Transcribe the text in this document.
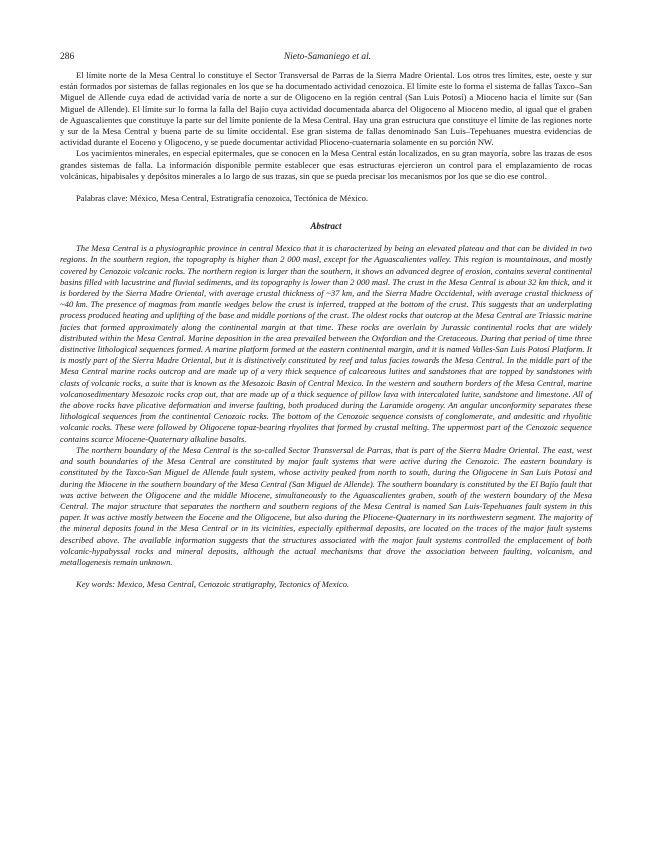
286	Nieto-Samaniego et al.

El límite norte de la Mesa Central lo constituye el Sector Transversal de Parras de la Sierra Madre Oriental. Los otros tres límites, este, oeste y sur están formados por sistemas de fallas regionales en los que se ha documentado actividad cenozoica. El límite este lo forma el sistema de fallas Taxco–San Miguel de Allende cuya edad de actividad varía de norte a sur de Oligoceno en la región central (San Luis Potosí) a Mioceno hacia el límite sur (San Miguel de Allende). El límite sur lo forma la falla del Bajío cuya actividad documentada abarca del Oligoceno al Mioceno medio, al igual que el graben de Aguascalientes que constituye la parte sur del límite poniente de la Mesa Central. Hay una gran estructura que constituye el límite de las regiones norte y sur de la Mesa Central y buena parte de su límite occidental. Ese gran sistema de fallas denominado San Luis–Tepehuanes muestra evidencias de actividad durante el Eoceno y Oligoceno, y se puede documentar actividad Plioceno-cuaternaria solamente en su porción NW.

Los yacimientos minerales, en especial epitermales, que se conocen en la Mesa Central están localizados, en su gran mayoría, sobre las trazas de esos grandes sistemas de falla. La información disponible permite establecer que esas estructuras ejercieron un control para el emplazamiento de rocas volcánicas, hipabisales y depósitos minerales a lo largo de sus trazas, sin que se pueda precisar los mecanismos por los que se dio ese control.

Palabras clave: México, Mesa Central, Estratigrafía cenozoica, Tectónica de México.

Abstract

The Mesa Central is a physiographic province in central Mexico that it is characterized by being an elevated plateau and that can be divided in two regions. In the southern region, the topography is higher than 2 000 masl, except for the Aguascalientes valley. This region is mountainous, and mostly covered by Cenozoic volcanic rocks. The northern region is larger than the southern, it shows an advanced degree of erosion, contains several continental basins filled with lacustrine and fluvial sediments, and its topography is lower than 2 000 masl. The crust in the Mesa Central is about 32 km thick, and it is bordered by the Sierra Madre Oriental, with average crustal thickness of ~37 km, and the Sierra Madre Occidental, with average crustal thickness of ~40 km. The presence of magmas from mantle wedges below the crust is inferred, trapped at the bottom of the crust. This suggests that an underplating process produced heating and uplifting of the base and middle portions of the crust. The oldest rocks that outcrop at the Mesa Central are Triassic marine facies that formed approximately along the continental margin at that time. These rocks are overlain by Jurassic continental rocks that are widely distributed within the Mesa Central. Marine deposition in the area prevailed between the Oxfordian and the Cretaceous. During that period of time three distinctive lithological sequences formed. A marine platform formed at the eastern continental margin, and it is named Valles-San Luis Potosí Platform. It is mostly part of the Sierra Madre Oriental, but it is distinctively constituted by reef and talus facies towards the Mesa Central. In the middle part of the Mesa Central marine rocks outcrop and are made up of a very thick sequence of calcareous lutites and sandstones that are topped by sandstones with clasts of volcanic rocks, a suite that is known as the Mesozoic Basin of Central Mexico. In the western and southern borders of the Mesa Central, marine volcanosedimentary Mesozoic rocks crop out, that are made up of a thick sequence of pillow lava with intercalated lutite, sandstone and limestone. All of the above rocks have plicative deformation and inverse faulting, both produced during the Laramide orogeny. An angular unconformity separates these lithological sequences from the continental Cenozoic rocks. The bottom of the Cenozoic sequence consists of conglomerate, and andesitic and rhyolitic volcanic rocks. These were followed by Oligocene topaz-bearing rhyolites that formed by crustal melting. The uppermost part of the Cenozoic sequence contains scarce Miocene-Quaternary alkaline basalts.

The northern boundary of the Mesa Central is the so-called Sector Transversal de Parras, that is part of the Sierra Madre Oriental. The east, west and south boundaries of the Mesa Central are constituted by major fault systems that were active during the Cenozoic. The eastern boundary is constituted by the Taxco-San Miguel de Allende fault system, whose activity peaked from north to south, during the Oligocene in San Luis Potosí and during the Miocene in the southern boundary of the Mesa Central (San Miguel de Allende). The southern boundary is constituted by the El Bajío fault that was active between the Oligocene and the middle Miocene, simultaneously to the Aguascalientes graben, south of the western boundary of the Mesa Central. The major structure that separates the northern and southern regions of the Mesa Central is named San Luis-Tepehuanes fault system in this paper. It was active mostly between the Eocene and the Oligocene, but also during the Pliocene-Quaternary in its northwestern segment. The majority of the mineral deposits found in the Mesa Central or in its vicinities, especially epithermal deposits, are located on the traces of the major fault systems described above. The available information suggests that the structures associated with the major fault systems controlled the emplacement of both volcanic-hypabyssal rocks and mineral deposits, although the actual mechanisms that drove the association between faulting, volcanism, and metallogenesis remain unknown.

Key words: Mexico, Mesa Central, Cenozoic stratigraphy, Tectonics of Mexico.
